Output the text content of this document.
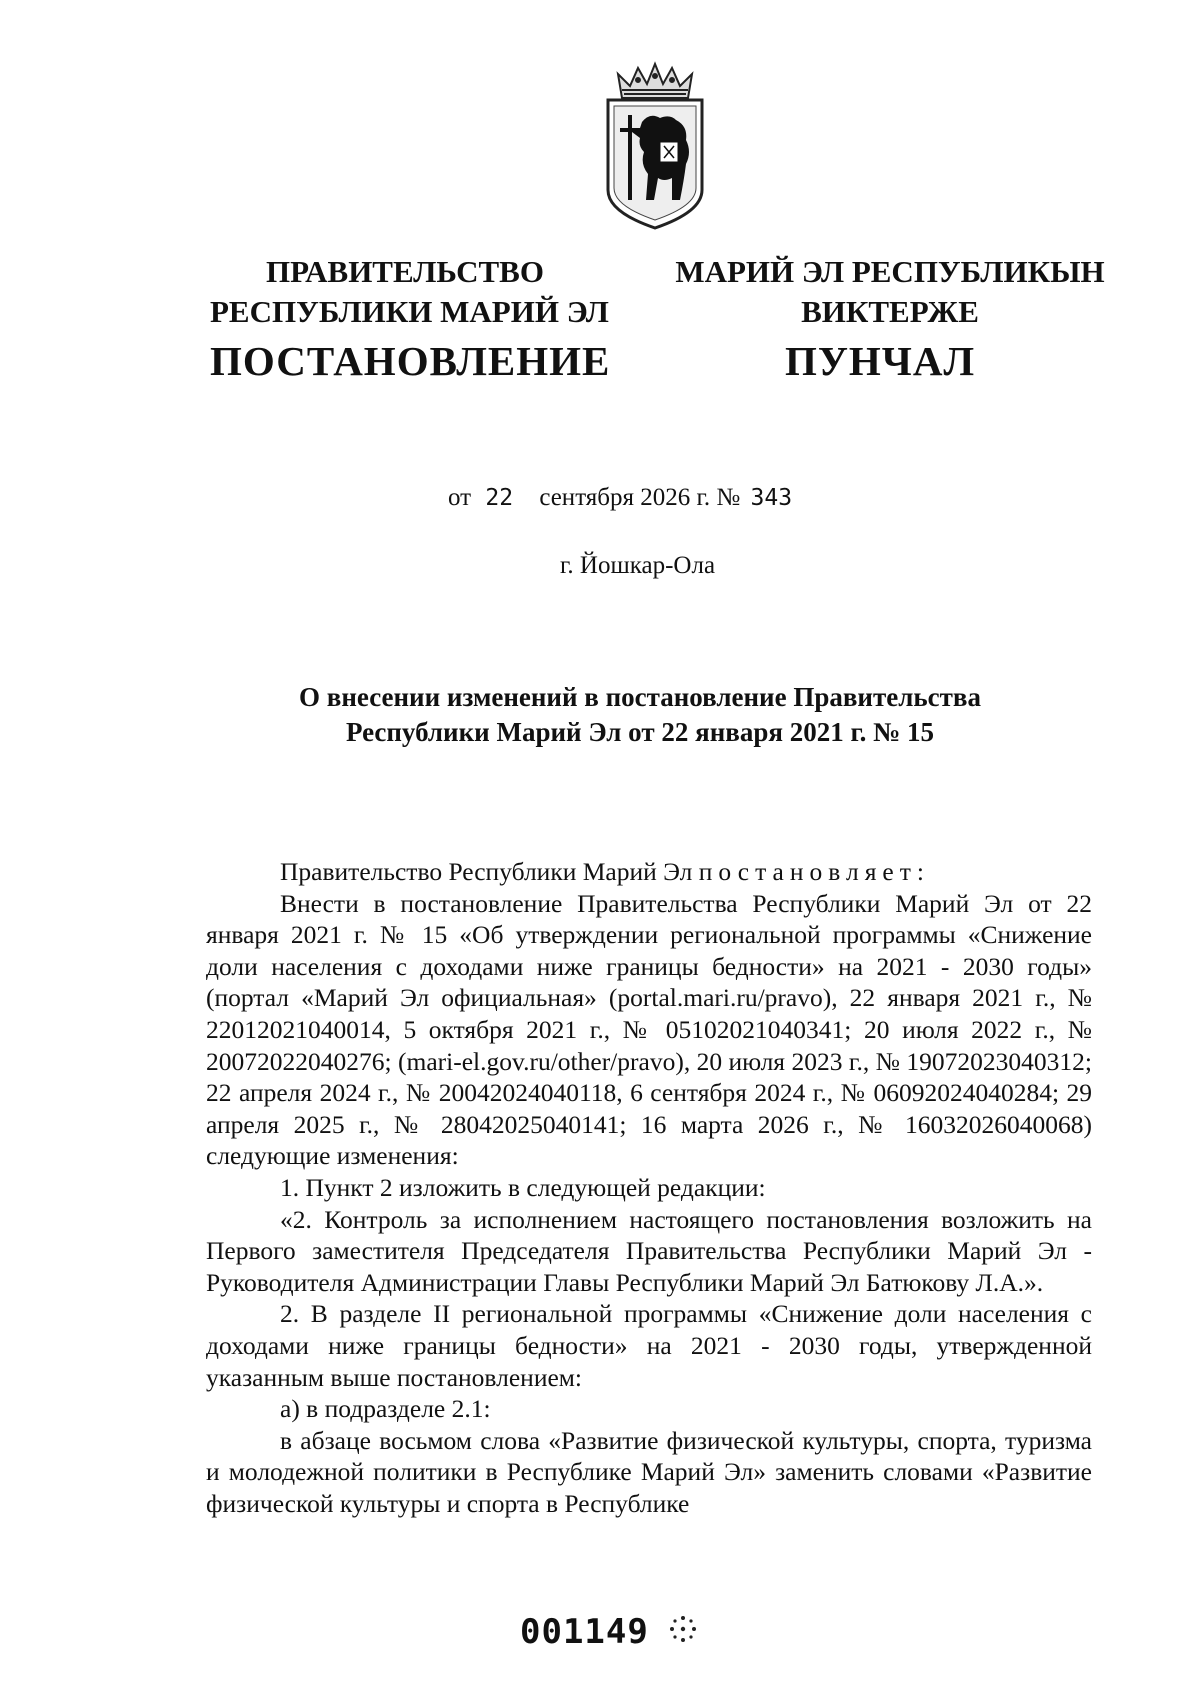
ПРАВИТЕЛЬСТВО
РЕСПУБЛИКИ МАРИЙ ЭЛ
МАРИЙ ЭЛ РЕСПУБЛИКЫН
ВИКТЕРЖЕ
ПОСТАНОВЛЕНИЕ	ПУНЧАЛ
от 22 сентября 2026 г. № 343
г. Йошкар-Ола
О внесении изменений в постановление Правительства
Республики Марий Эл от 22 января 2021 г. № 15

Правительство Республики Марий Эл постановляет:

Внести в постановление Правительства Республики Марий Эл от 22 января 2021 г. № 15 «Об утверждении региональной программы «Снижение доли населения с доходами ниже границы бедности» на 2021 - 2030 годы» (портал «Марий Эл официальная» (portal.mari.ru/pravo), 22 января 2021 г., № 22012021040014, 5 октября 2021 г., № 05102021040341; 20 июля 2022 г., № 20072022040276; (mari-el.gov.ru/other/pravo), 20 июля 2023 г., № 19072023040312; 22 апреля 2024 г., № 20042024040118, 6 сентября 2024 г., № 06092024040284; 29 апреля 2025 г., № 28042025040141; 16 марта 2026 г., № 16032026040068) следующие изменения:

1. Пункт 2 изложить в следующей редакции:

«2. Контроль за исполнением настоящего постановления возложить на Первого заместителя Председателя Правительства Республики Марий Эл - Руководителя Администрации Главы Республики Марий Эл Батюкову Л.А.».

2. В разделе II региональной программы «Снижение доли населения с доходами ниже границы бедности» на 2021 - 2030 годы, утвержденной указанным выше постановлением:

а) в подразделе 2.1:

в абзаце восьмом слова «Развитие физической культуры, спорта, туризма и молодежной политики в Республике Марий Эл» заменить словами «Развитие физической культуры и спорта в Республике

001149
